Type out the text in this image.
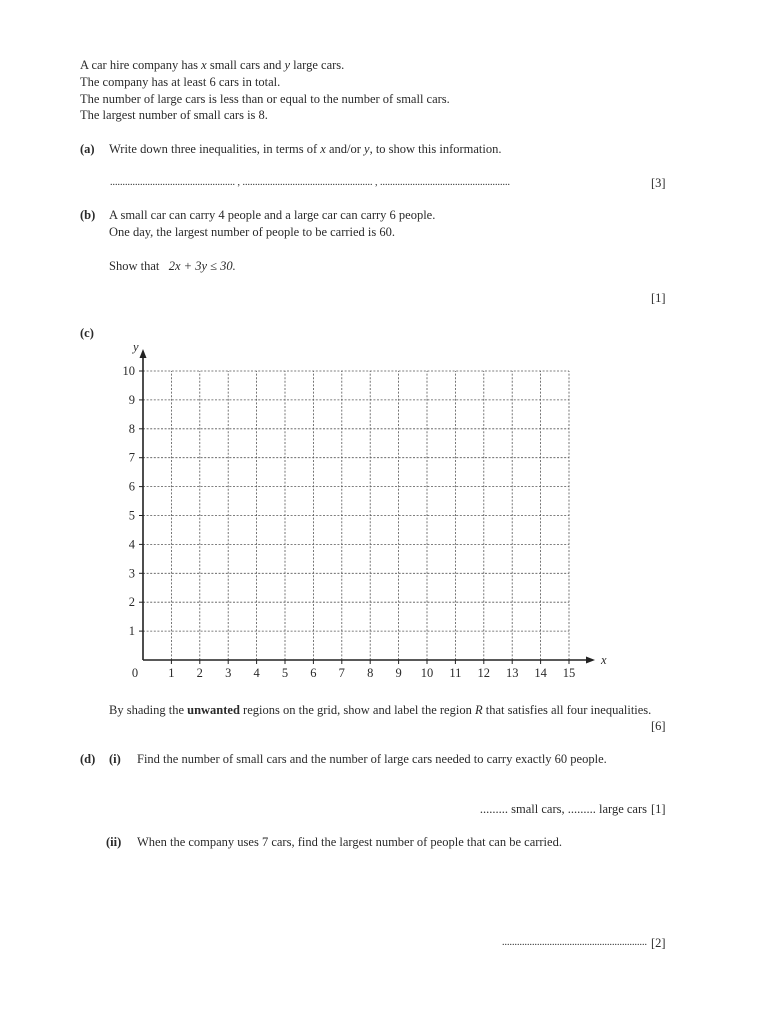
A car hire company has x small cars and y large cars.
The company has at least 6 cars in total.
The number of large cars is less than or equal to the number of small cars.
The largest number of small cars is 8.
(a) Write down three inequalities, in terms of x and/or y, to show this information.
.................................................. , .................................................... , ....................................................	[3]
(b) A small car can carry 4 people and a large car can carry 6 people.
One day, the largest number of people to be carried is 60.
Show that 2x + 3y ≤ 30.
[1]
(c)
0 1 2 3 4 5 6 7 8 9 10 11 12 13 14 15
1
2
3
4
5
6
7
8
9
10
x
y
By shading the unwanted regions on the grid, show and label the region R that satisfies all four inequalities.
[6]
(d) (i) Find the number of small cars and the number of large cars needed to carry exactly 60 people.
......... small cars, ......... large cars [1]
(ii) When the company uses 7 cars, find the largest number of people that can be carried.
.......................................................... [2]
